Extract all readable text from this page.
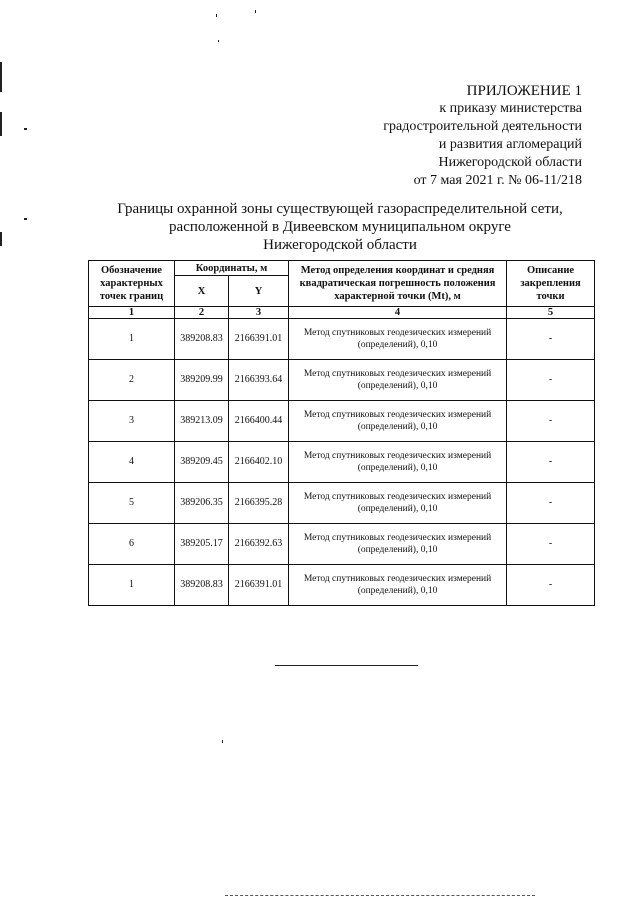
ПРИЛОЖЕНИЕ 1
к приказу министерства
градостроительной деятельности
и развития агломераций
Нижегородской области
от 7 мая 2021 г. № 06-11/218
Границы охранной зоны существующей газораспределительной сети,
расположенной в Дивеевском муниципальном округе
Нижегородской области
Обозначение характерных точек границ	Координаты, м		Метод определения координат и средняя квадратическая погрешность положения характерной точки (Mt), м	Описание закрепления точки
	X	Y		
1	2	3	4	5
1	389208.83	2166391.01	Метод спутниковых геодезических измерений (определений), 0,10	-
2	389209.99	2166393.64	Метод спутниковых геодезических измерений (определений), 0,10	-
3	389213.09	2166400.44	Метод спутниковых геодезических измерений (определений), 0,10	-
4	389209.45	2166402.10	Метод спутниковых геодезических измерений (определений), 0,10	-
5	389206.35	2166395.28	Метод спутниковых геодезических измерений (определений), 0,10	-
6	389205.17	2166392.63	Метод спутниковых геодезических измерений (определений), 0,10	-
1	389208.83	2166391.01	Метод спутниковых геодезических измерений (определений), 0,10	-
